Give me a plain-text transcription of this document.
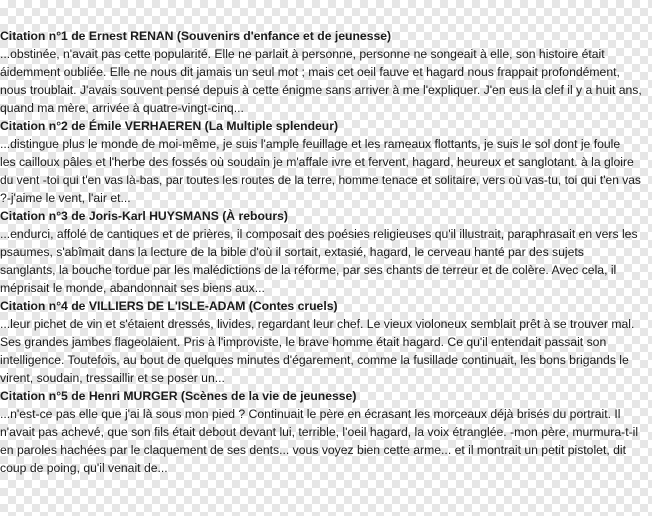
Citation n°1 de Ernest RENAN (Souvenirs d'enfance et de jeunesse)
...obstinée, n'avait pas cette popularité. Elle ne parlait à personne, personne ne songeait à elle, son histoire était
áidemment oubliée. Elle ne nous dit jamais un seul mot ; mais cet oeil fauve et hagard nous frappait profondément,
nous troublait. J'avais souvent pensé depuis à cette énigme sans arriver à me l'expliquer. J'en eus la clef il y a huit ans,
quand ma mère, arrivée à quatre-vingt-cinq...
Citation n°2 de Émile VERHAEREN (La Multiple splendeur)
...distingue plus le monde de moi-même, je suis l'ample feuillage et les rameaux flottants, je suis le sol dont je foule
les cailloux pâles et l'herbe des fossés où soudain je m'affale ivre et fervent, hagard, heureux et sanglotant. à la gloire
du vent -toi qui t'en vas là-bas, par toutes les routes de la terre, homme tenace et solitaire, vers où vas-tu, toi qui t'en vas
?-j'aime le vent, l'air et...
Citation n°3 de Joris-Karl HUYSMANS (À rebours)
...endurci, affolé de cantiques et de prières, il composait des poésies religieuses qu'il illustrait, paraphrasait en vers les
psaumes, s'abîmait dans la lecture de la bible d'où il sortait, extasié, hagard, le cerveau hanté par des sujets
sanglants, la bouche tordue par les malédictions de la réforme, par ses chants de terreur et de colère. Avec cela, il
méprisait le monde, abandonnait ses biens aux...
Citation n°4 de VILLIERS DE L'ISLE-ADAM (Contes cruels)
...leur pichet de vin et s'étaient dressés, livides, regardant leur chef. Le vieux violoneux semblait prêt à se trouver mal.
Ses grandes jambes flageolaient. Pris à l'improviste, le brave homme était hagard. Ce qu'il entendait passait son
intelligence. Toutefois, au bout de quelques minutes d'égarement, comme la fusillade continuait, les bons brigands le
virent, soudain, tressaillir et se poser un...
Citation n°5 de Henri MURGER (Scènes de la vie de jeunesse)
...n'est-ce pas elle que j'ai là sous mon pied ? Continuait le père en écrasant les morceaux déjà brisés du portrait. Il
n'avait pas achevé, que son fils était debout devant lui, terrible, l'oeil hagard, la voix étranglée. -mon père, murmura-t-il
en paroles hachées par le claquement de ses dents... vous voyez bien cette arme... et il montrait un petit pistolet, dit
coup de poing, qu'il venait de...
